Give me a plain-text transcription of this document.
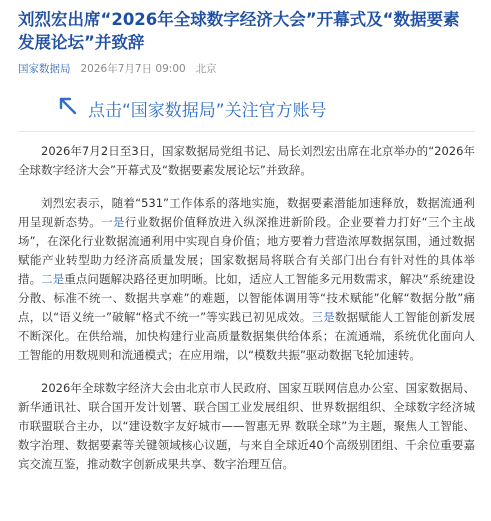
刘烈宏出席“2026年全球数字经济大会”开幕式及“数据要素发展论坛”并致辞
国家数据局 2026年7月7日 09:00 北京
点击“国家数据局”关注官方账号

2026年7月2日至3日，国家数据局党组书记、局长刘烈宏出席在北京举办的“2026年全球数字经济大会”开幕式及“数据要素发展论坛”并致辞。

刘烈宏表示，随着“531”工作体系的落地实施，数据要素潜能加速释放，数据流通利用呈现新态势。一是行业数据价值释放进入纵深推进新阶段。企业要着力打好“三个主战场”，在深化行业数据流通利用中实现自身价值；地方要着力营造浓厚数据氛围，通过数据赋能产业转型助力经济高质量发展；国家数据局将联合有关部门出台有针对性的具体举措。二是重点问题解决路径更加明晰。比如，适应人工智能多元用数需求，解决“系统建设分散、标准不统一、数据共享难”的难题，以智能体调用等“技术赋能”化解“数据分散”痛点，以“语义统一”破解“格式不统一”等实践已初见成效。三是数据赋能人工智能创新发展不断深化。在供给端，加快构建行业高质量数据集供给体系；在流通端，系统优化面向人工智能的用数规则和流通模式；在应用端，以“模数共振”驱动数据飞轮加速转。

2026年全球数字经济大会由北京市人民政府、国家互联网信息办公室、国家数据局、新华通讯社、联合国开发计划署、联合国工业发展组织、世界数据组织、全球数字经济城市联盟联合主办，以“建设数字友好城市——智惠无界 数联全球”为主题，聚焦人工智能、数字治理、数据要素等关键领域核心议题，与来自全球近40个高级别团组、千余位重要嘉宾交流互鉴，推动数字创新成果共享、数字治理互信。
